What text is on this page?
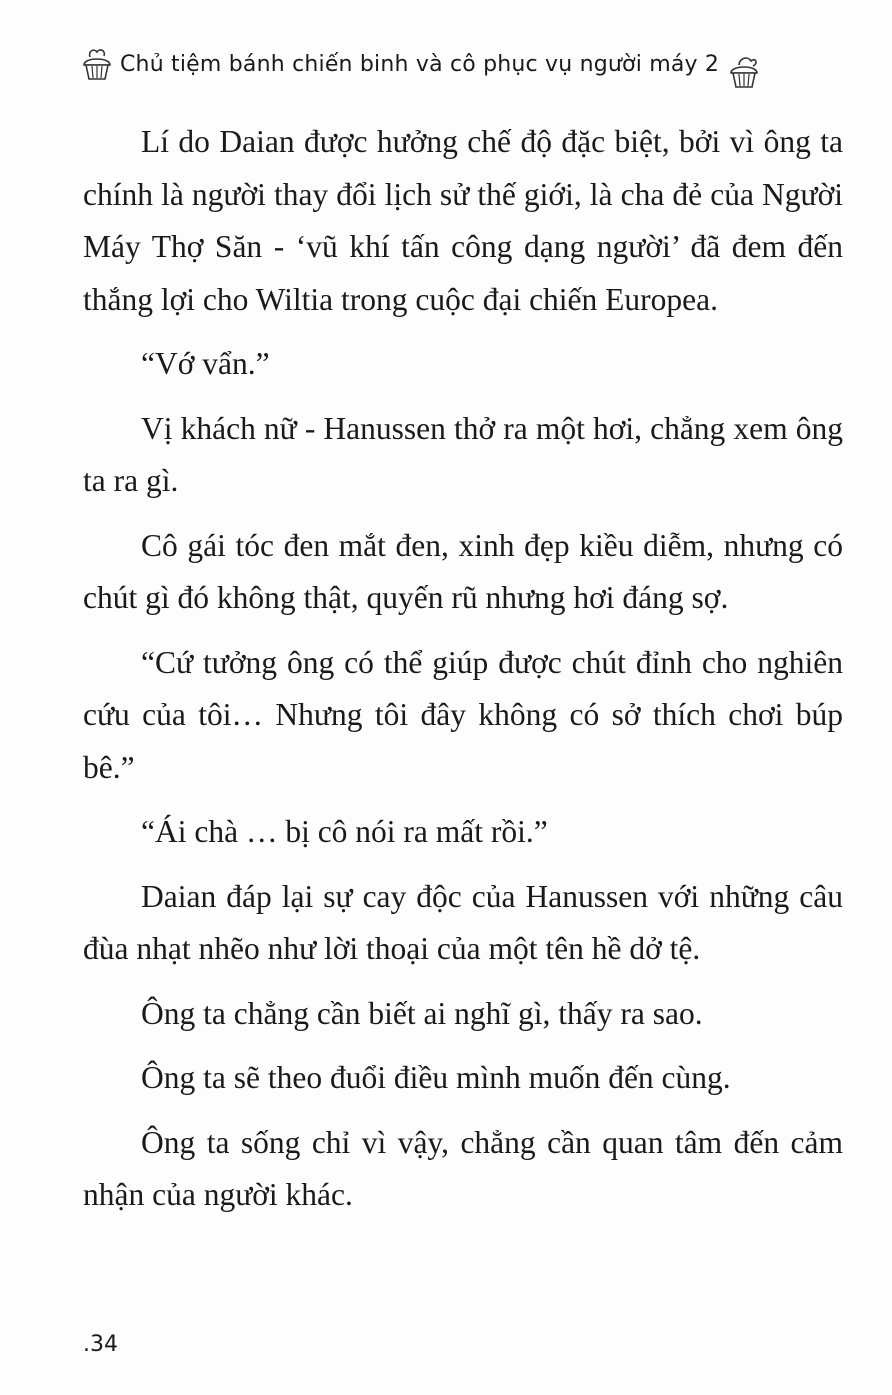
Chủ tiệm bánh chiến binh và cô phục vụ người máy 2

Lí do Daian được hưởng chế độ đặc biệt, bởi vì ông ta chính là người thay đổi lịch sử thế giới, là cha đẻ của Người Máy Thợ Săn - ‘vũ khí tấn công dạng người’ đã đem đến thắng lợi cho Wiltia trong cuộc đại chiến Europea.

“Vớ vẩn.”

Vị khách nữ - Hanussen thở ra một hơi, chẳng xem ông ta ra gì.

Cô gái tóc đen mắt đen, xinh đẹp kiều diễm, nhưng có chút gì đó không thật, quyến rũ nhưng hơi đáng sợ.

“Cứ tưởng ông có thể giúp được chút đỉnh cho nghiên cứu của tôi… Nhưng tôi đây không có sở thích chơi búp bê.”

“Ái chà … bị cô nói ra mất rồi.”

Daian đáp lại sự cay độc của Hanussen với những câu đùa nhạt nhẽo như lời thoại của một tên hề dở tệ.

Ông ta chẳng cần biết ai nghĩ gì, thấy ra sao.

Ông ta sẽ theo đuổi điều mình muốn đến cùng.

Ông ta sống chỉ vì vậy, chẳng cần quan tâm đến cảm nhận của người khác.

.34
